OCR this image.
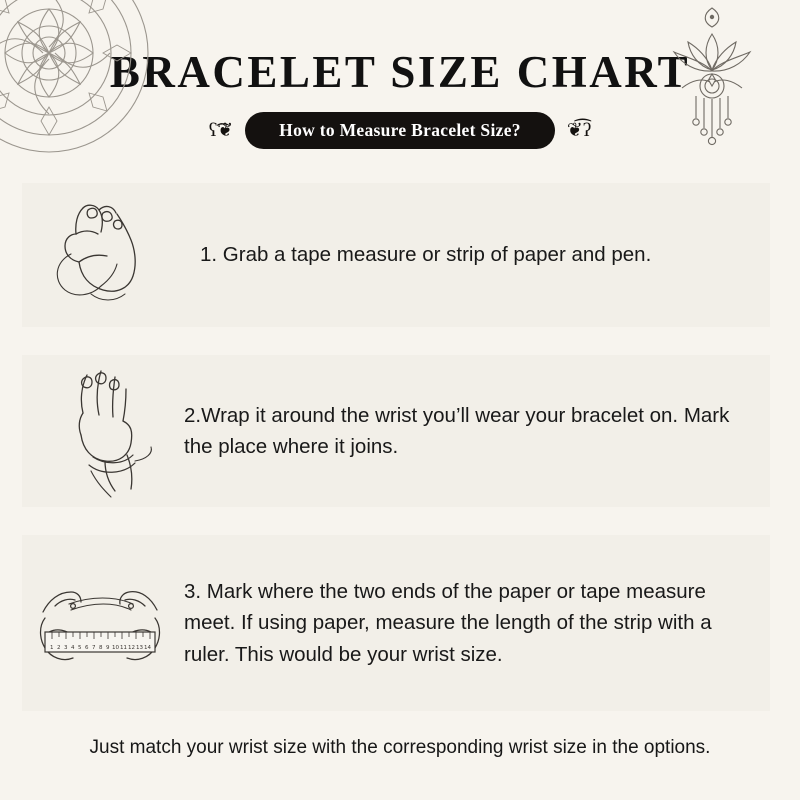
BRACELET SIZE CHART
ʕ͡❦	How to Measure Bracelet Size?	❦͡ʔ
1. Grab a tape measure or strip of paper and pen.
2.Wrap it around the wrist you’ll wear your bracelet on. Mark the place where it joins.
1 2 3 4 5 6 7 8 9 10 11 12 13 14
3. Mark where the two ends of the paper or tape measure meet. If using paper, measure the length of the strip with a ruler. This would be your wrist size.
Just match your wrist size with the corresponding wrist size in the options.
